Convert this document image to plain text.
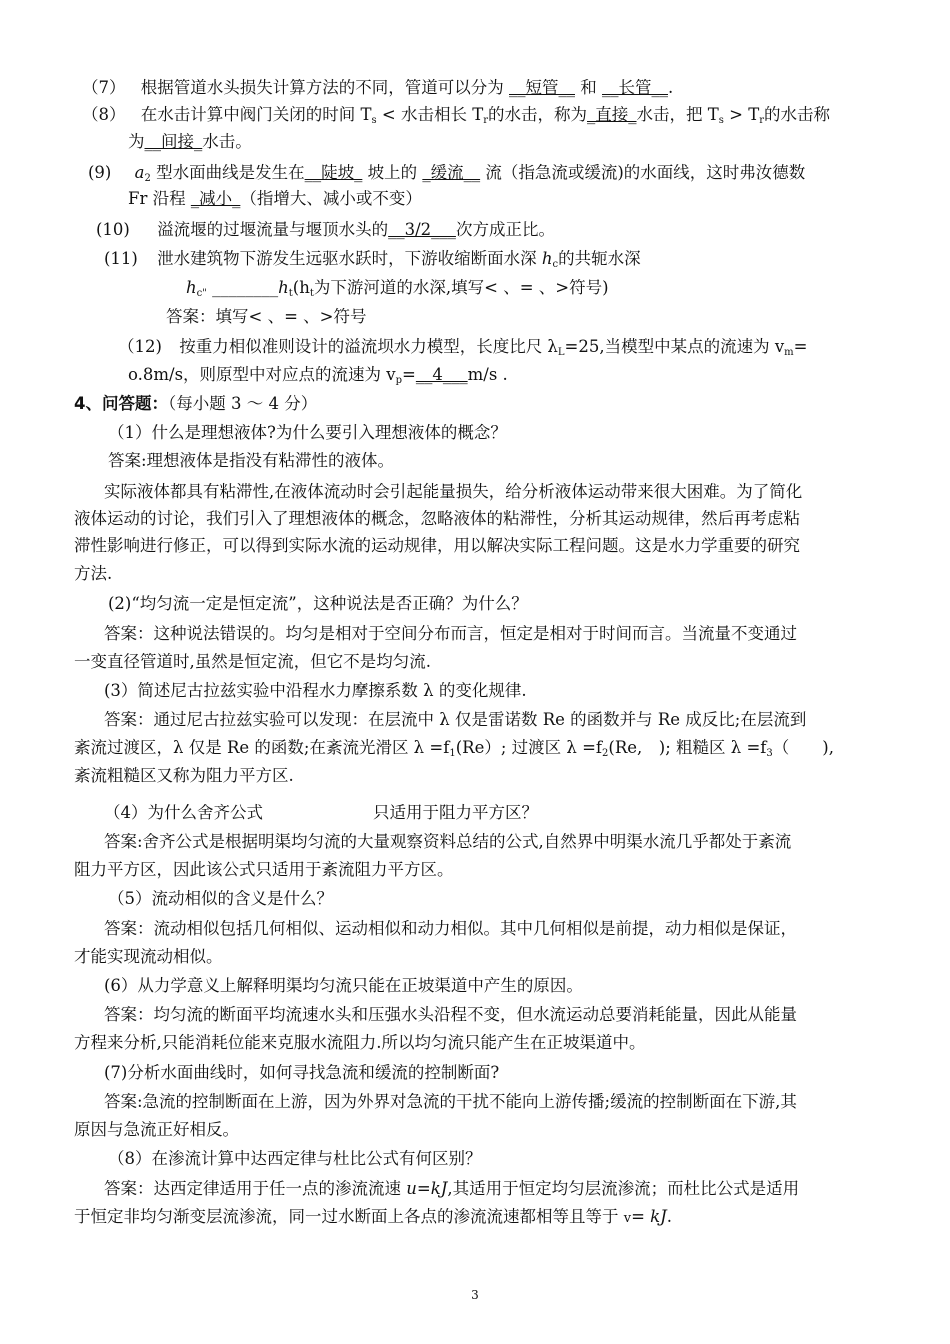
（7） 根据管道水头损失计算方法的不同，管道可以分为 __短管__ 和 __长管__.
（8） 在水击计算中阀门关闭的时间 $T_s$ < 水击相长 $T_r$的水击，称为_直接_水击，把 $T_s > T_r$的水击称
为__间接_水击。
(9) $a_2$ 型水面曲线是发生在__陡坡_ 坡上的 _缓流__ 流（指急流或缓流)的水面线，这时弗汝德数
Fr 沿程 _减小_（指增大、减小或不变）
(10) 溢流堰的过堰流量与堰顶水头的__3/2___次方成正比。
(11) 泄水建筑物下游发生远驱水跃时，下游收缩断面水深 $h_c$的共轭水深
$h_{c"}$ $\_\_\_\_\_\_\_\_h_t(h_t$为下游河道的水深,填写< 、= 、>符号)
答案：填写< 、= 、>符号
（12) 按重力相似准则设计的溢流坝水力模型，长度比尺 $\lambda_L=25$,当模型中某点的流速为 $v_m=$
o.8m/s，则原型中对应点的流速为 $v_p=\_\_4\_\_\_m/s$ .
4、问答题：（每小题 3 ～ 4 分）
（1）什么是理想液体?为什么要引入理想液体的概念？
答案:理想液体是指没有粘滞性的液体。
实际液体都具有粘滞性,在液体流动时会引起能量损失，给分析液体运动带来很大困难。为了简化
液体运动的讨论，我们引入了理想液体的概念，忽略液体的粘滞性，分析其运动规律，然后再考虑粘
滞性影响进行修正，可以得到实际水流的运动规律，用以解决实际工程问题。这是水力学重要的研究
方法.
(2)“均匀流一定是恒定流”，这种说法是否正确？为什么？
答案：这种说法错误的。均匀是相对于空间分布而言，恒定是相对于时间而言。当流量不变通过
一变直径管道时,虽然是恒定流，但它不是均匀流.
(3）简述尼古拉兹实验中沿程水力摩擦系数 λ 的变化规律.
答案：通过尼古拉兹实验可以发现：在层流中 λ 仅是雷诺数 Re 的函数并与 Re 成反比;在层流到
紊流过渡区，λ 仅是 Re 的函数;在紊流光滑区 $\lambda =f_1(Re)$; 过渡区 $\lambda =f_2(Re$,　); 粗糙区 $\lambda =f_3$（　　),
紊流粗糙区又称为阻力平方区.
（4）为什么舍齐公式	只适用于阻力平方区？
答案:舍齐公式是根据明渠均匀流的大量观察资料总结的公式,自然界中明渠水流几乎都处于紊流
阻力平方区，因此该公式只适用于紊流阻力平方区。
（5）流动相似的含义是什么？
答案：流动相似包括几何相似、运动相似和动力相似。其中几何相似是前提，动力相似是保证，
才能实现流动相似。
(6）从力学意义上解释明渠均匀流只能在正坡渠道中产生的原因。
答案：均匀流的断面平均流速水头和压强水头沿程不变，但水流运动总要消耗能量，因此从能量
方程来分析,只能消耗位能来克服水流阻力.所以均匀流只能产生在正坡渠道中。
(7)分析水面曲线时，如何寻找急流和缓流的控制断面?
答案:急流的控制断面在上游，因为外界对急流的干扰不能向上游传播;缓流的控制断面在下游,其
原因与急流正好相反。
（8）在渗流计算中达西定律与杜比公式有何区别？
答案：达西定律适用于任一点的渗流流速 u=kJ,其适用于恒定均匀层流渗流；而杜比公式是适用
于恒定非均匀渐变层流渗流，同一过水断面上各点的渗流流速都相等且等于 v= kJ.
3
